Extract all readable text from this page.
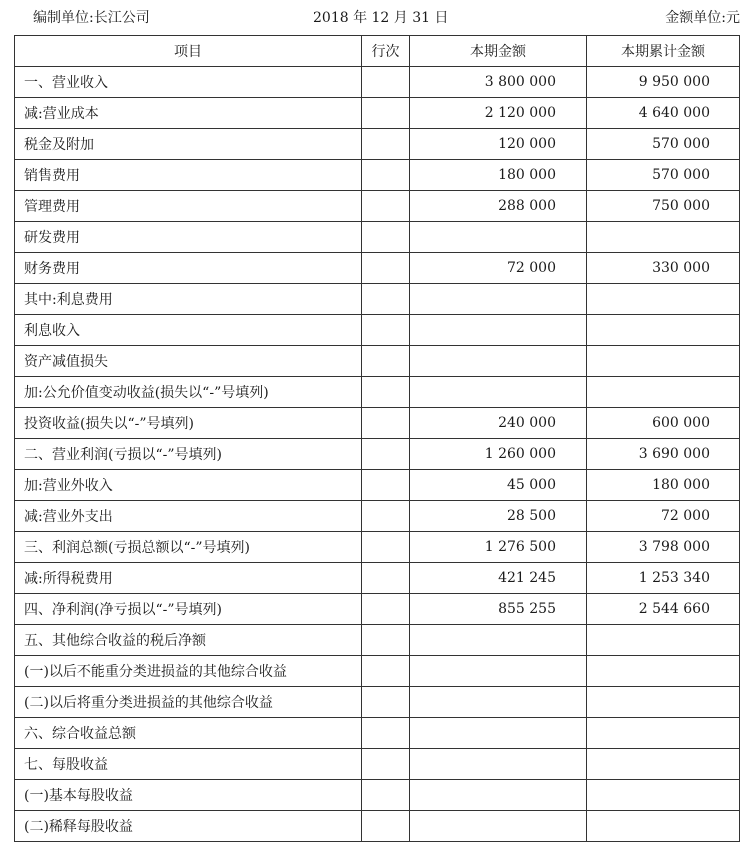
编制单位:长江公司	2018 年 12 月 31 日	金额单位:元
项目	行次	本期金额	本期累计金额
一、营业收入		3 800 000	9 950 000
减:营业成本		2 120 000	4 640 000
税金及附加		120 000	570 000
销售费用		180 000	570 000
管理费用		288 000	750 000
研发费用			
财务费用		72 000	330 000
其中:利息费用			
利息收入			
资产减值损失			
加:公允价值变动收益(损失以“-”号填列)			
投资收益(损失以“-”号填列)		240 000	600 000
二、营业利润(亏损以“-”号填列)		1 260 000	3 690 000
加:营业外收入		45 000	180 000
减:营业外支出		28 500	72 000
三、利润总额(亏损总额以“-”号填列)		1 276 500	3 798 000
减:所得税费用		421 245	1 253 340
四、净利润(净亏损以“-”号填列)		855 255	2 544 660
五、其他综合收益的税后净额			
(一)以后不能重分类进损益的其他综合收益			
(二)以后将重分类进损益的其他综合收益			
六、综合收益总额			
七、每股收益			
(一)基本每股收益			
(二)稀释每股收益			
